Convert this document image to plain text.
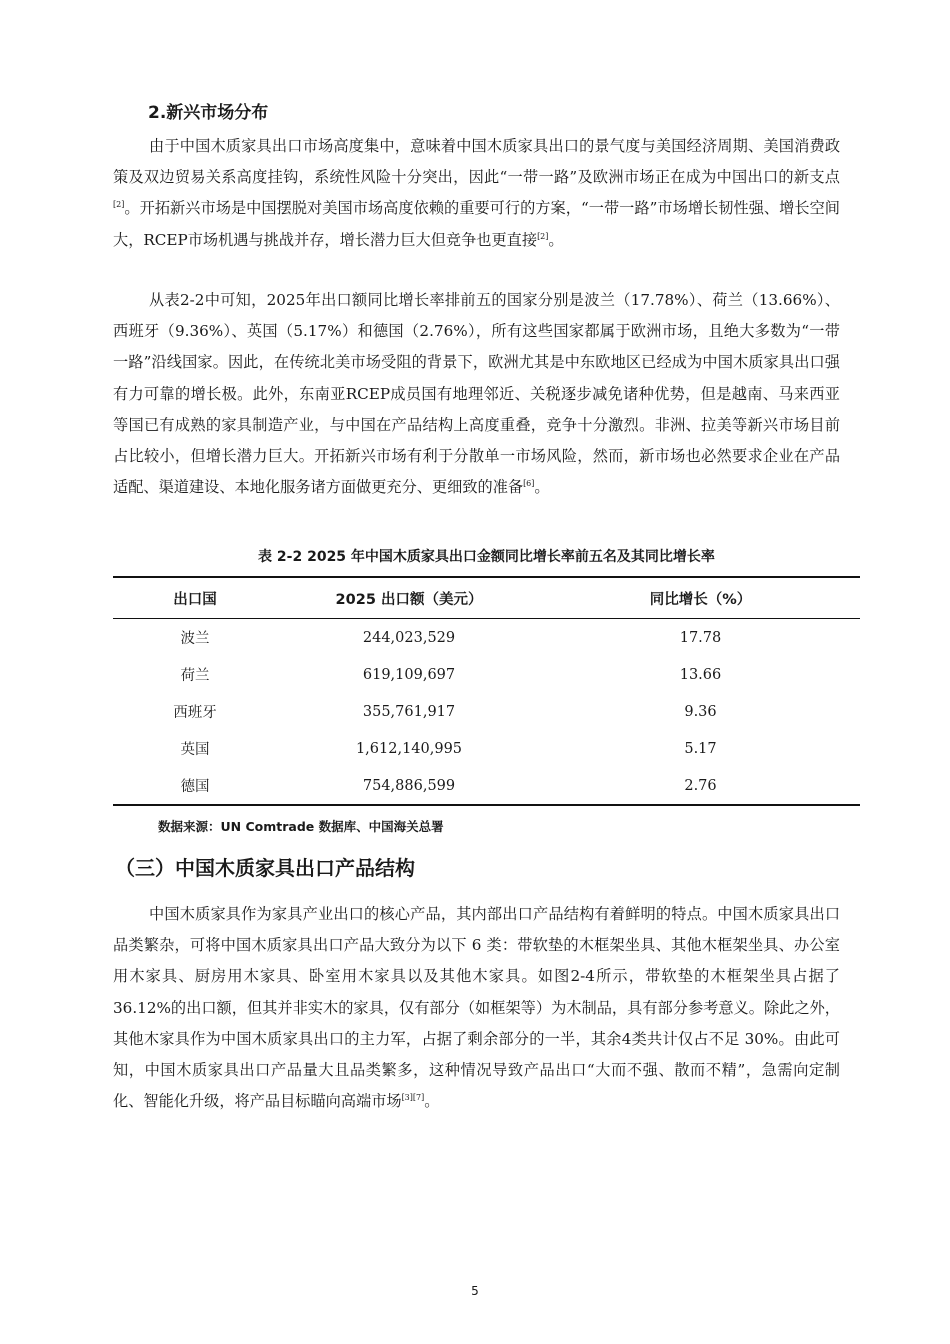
2.新兴市场分布

由于中国木质家具出口市场高度集中，意味着中国木质家具出口的景气度与美国经济周期、美国消费政策及双边贸易关系高度挂钩，系统性风险十分突出，因此“一带一路”及欧洲市场正在成为中国出口的新支点[2]。开拓新兴市场是中国摆脱对美国市场高度依赖的重要可行的方案，“一带一路”市场增长韧性强、增长空间大，RCEP市场机遇与挑战并存，增长潜力巨大但竞争也更直接[2]。

从表2-2中可知，2025年出口额同比增长率排前五的国家分别是波兰（17.78%）、荷兰（13.66%）、西班牙（9.36%）、英国（5.17%）和德国（2.76%），所有这些国家都属于欧洲市场，且绝大多数为“一带一路”沿线国家。因此，在传统北美市场受阻的背景下，欧洲尤其是中东欧地区已经成为中国木质家具出口强有力可靠的增长极。此外，东南亚RCEP成员国有地理邻近、关税逐步减免诸种优势，但是越南、马来西亚等国已有成熟的家具制造产业，与中国在产品结构上高度重叠，竞争十分激烈。非洲、拉美等新兴市场目前占比较小，但增长潜力巨大。开拓新兴市场有利于分散单一市场风险，然而，新市场也必然要求企业在产品适配、渠道建设、本地化服务诸方面做更充分、更细致的准备[6]。

表 2-2 2025 年中国木质家具出口金额同比增长率前五名及其同比增长率
出口国	2025 出口额（美元）	同比增长（%）
波兰	244,023,529	17.78
荷兰	619,109,697	13.66
西班牙	355,761,917	9.36
英国	1,612,140,995	5.17
德国	754,886,599	2.76
数据来源：UN Comtrade 数据库、中国海关总署
（三）中国木质家具出口产品结构

中国木质家具作为家具产业出口的核心产品，其内部出口产品结构有着鲜明的特点。中国木质家具出口品类繁杂，可将中国木质家具出口产品大致分为以下 6 类：带软垫的木框架坐具、其他木框架坐具、办公室用木家具、厨房用木家具、卧室用木家具以及其他木家具。如图2-4所示，带软垫的木框架坐具占据了36.12%的出口额，但其并非实木的家具，仅有部分（如框架等）为木制品，具有部分参考意义。除此之外，其他木家具作为中国木质家具出口的主力军，占据了剩余部分的一半，其余4类共计仅占不足 30%。由此可知，中国木质家具出口产品量大且品类繁多，这种情况导致产品出口“大而不强、散而不精”，急需向定制化、智能化升级，将产品目标瞄向高端市场[3][7]。

5
